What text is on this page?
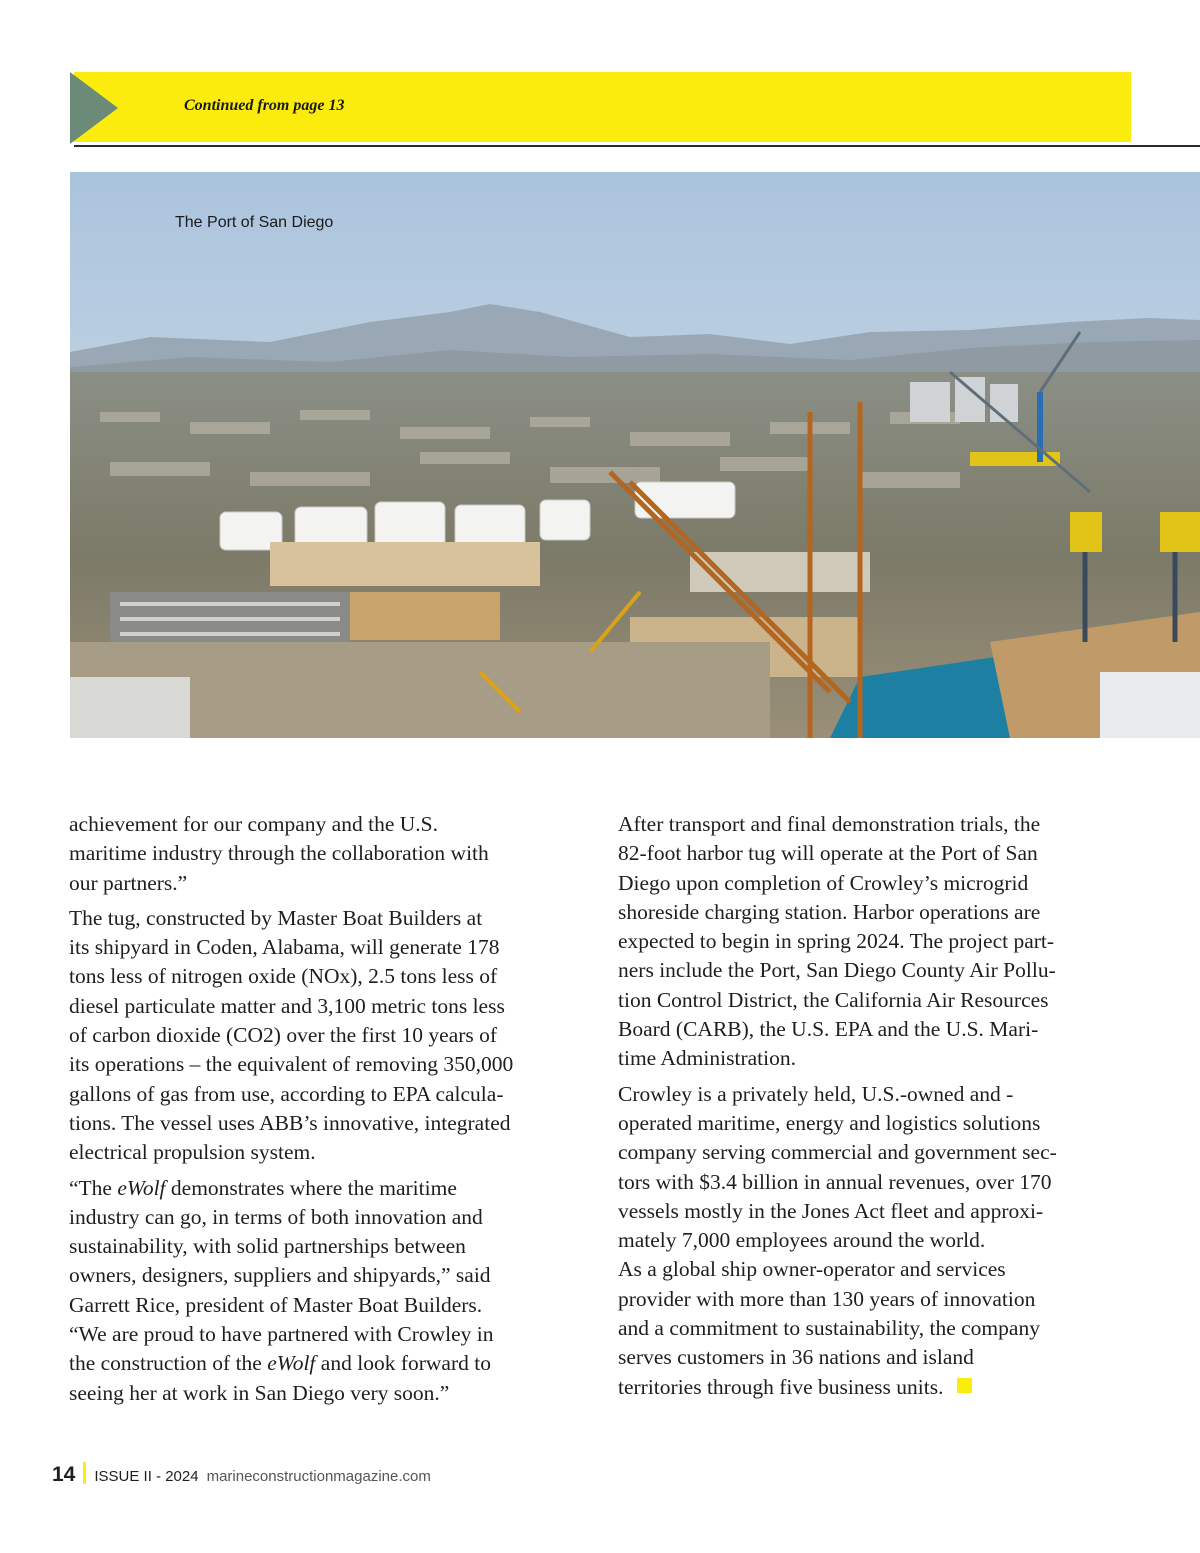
Continued from page 13
The Port of San Diego

achievement for our company and the U.S.
maritime industry through the collaboration with
our partners.”

The tug, constructed by Master Boat Builders at
its shipyard in Coden, Alabama, will generate 178
tons less of nitrogen oxide (NOx), 2.5 tons less of
diesel particulate matter and 3,100 metric tons less
of carbon dioxide (CO2) over the first 10 years of
its operations – the equivalent of removing 350,000
gallons of gas from use, according to EPA calcula-
tions. The vessel uses ABB’s innovative, integrated
electrical propulsion system.

“The eWolf demonstrates where the maritime
industry can go, in terms of both innovation and
sustainability, with solid partnerships between
owners, designers, suppliers and shipyards,” said
Garrett Rice, president of Master Boat Builders.
“We are proud to have partnered with Crowley in
the construction of the eWolf and look forward to
seeing her at work in San Diego very soon.”

After transport and final demonstration trials, the
82-foot harbor tug will operate at the Port of San
Diego upon completion of Crowley’s microgrid
shoreside charging station. Harbor operations are
expected to begin in spring 2024. The project part-
ners include the Port, San Diego County Air Pollu-
tion Control District, the California Air Resources
Board (CARB), the U.S. EPA and the U.S. Mari-
time Administration.

Crowley is a privately held, U.S.-owned and -
operated maritime, energy and logistics solutions
company serving commercial and government sec-
tors with $3.4 billion in annual revenues, over 170
vessels mostly in the Jones Act fleet and approxi-
mately 7,000 employees around the world.

As a global ship owner-operator and services
provider with more than 130 years of innovation
and a commitment to sustainability, the company
serves customers in 36 nations and island
territories through five business units.

14 ISSUE II - 2024 marineconstructionmagazine.com
